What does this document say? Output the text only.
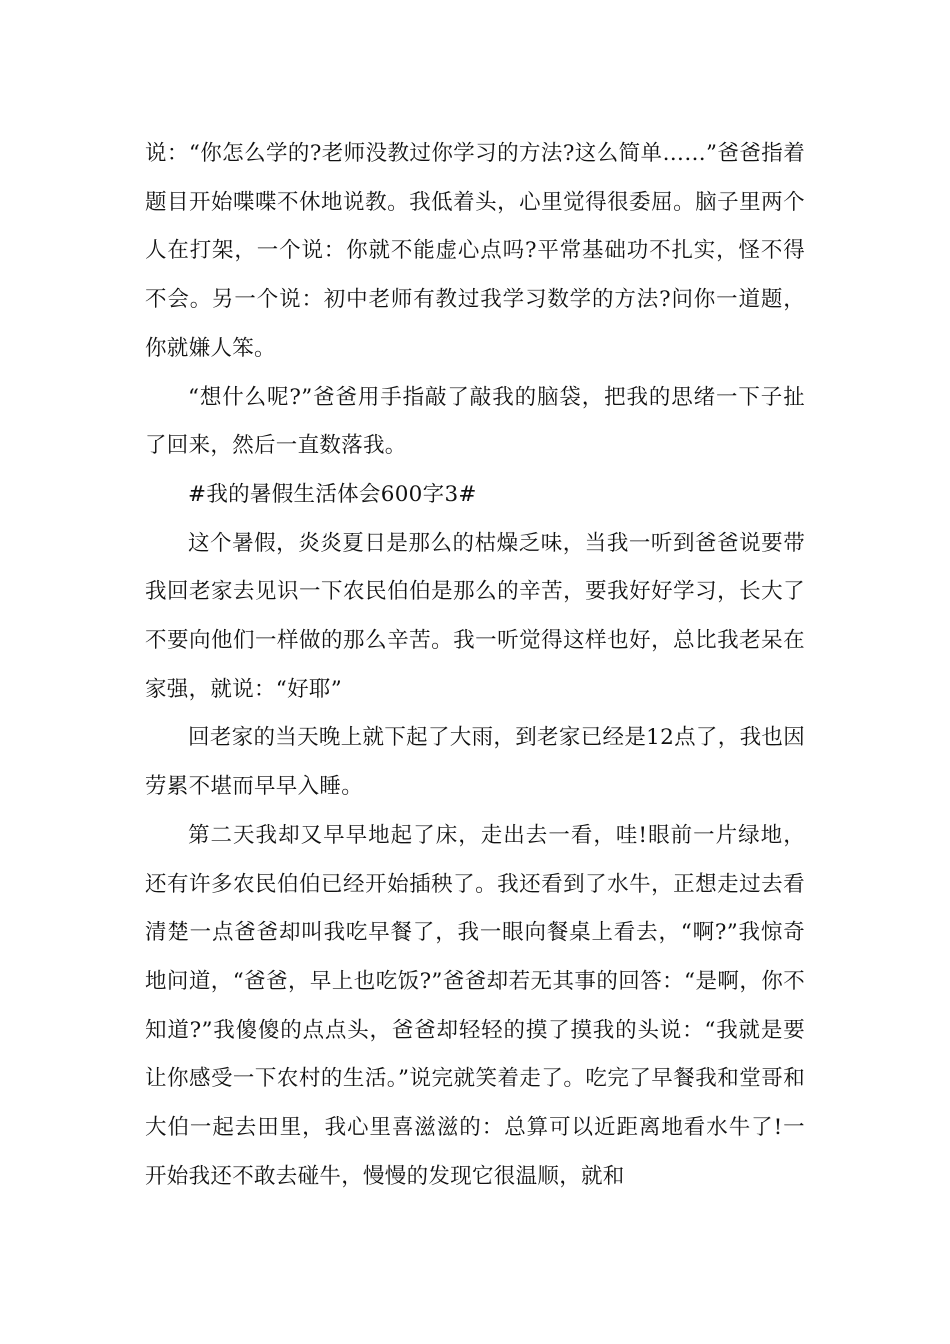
说：“你怎么学的?老师没教过你学习的方法?这么简单……”爸爸指着题目开始喋喋不休地说教。我低着头，心里觉得很委屈。脑子里两个人在打架，一个说：你就不能虚心点吗?平常基础功不扎实，怪不得不会。另一个说：初中老师有教过我学习数学的方法?问你一道题，你就嫌人笨。

“想什么呢?”爸爸用手指敲了敲我的脑袋，把我的思绪一下子扯了回来，然后一直数落我。

#我的暑假生活体会600字3#

这个暑假，炎炎夏日是那么的枯燥乏味，当我一听到爸爸说要带我回老家去见识一下农民伯伯是那么的辛苦，要我好好学习，长大了不要向他们一样做的那么辛苦。我一听觉得这样也好，总比我老呆在家强，就说：“好耶”

回老家的当天晚上就下起了大雨，到老家已经是12点了，我也因劳累不堪而早早入睡。

第二天我却又早早地起了床，走出去一看，哇!眼前一片绿地，还有许多农民伯伯已经开始插秧了。我还看到了水牛，正想走过去看清楚一点爸爸却叫我吃早餐了，我一眼向餐桌上看去，“啊?”我惊奇地问道，“爸爸，早上也吃饭?”爸爸却若无其事的回答：“是啊，你不知道?”我傻傻的点点头，爸爸却轻轻的摸了摸我的头说：“我就是要让你感受一下农村的生活。”说完就笑着走了。吃完了早餐我和堂哥和大伯一起去田里，我心里喜滋滋的：总算可以近距离地看水牛了!一开始我还不敢去碰牛，慢慢的发现它很温顺，就和
